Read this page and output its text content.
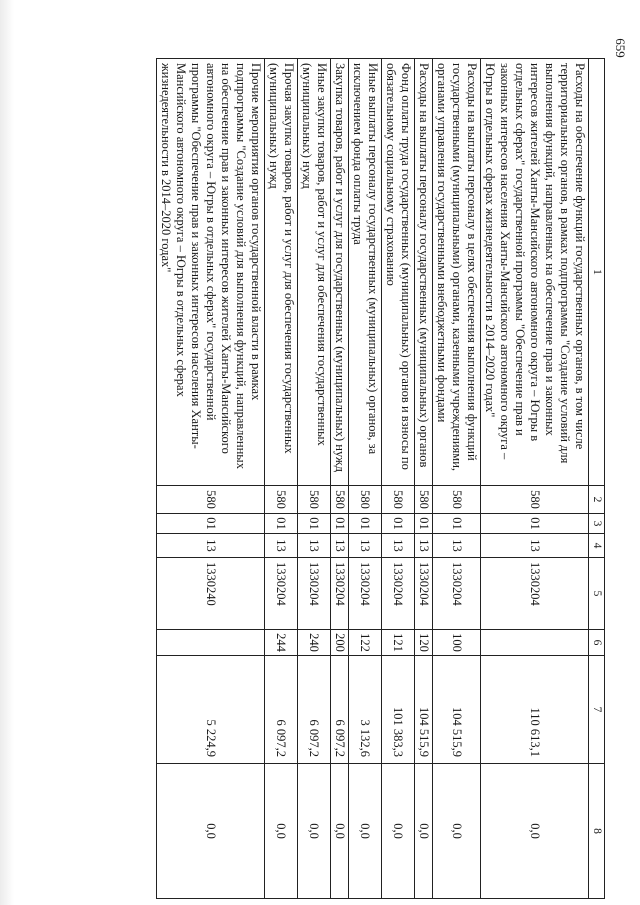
659
1	2	3	4	5	6	7	8
Расходы на обеспечение функций государственных органов, в том числе территориальных органов, в рамках подпрограммы "Создание условий для выполнения функций, направленных на обеспечение прав и законных интересов жителей Ханты-Мансийского автономного округа – Югры в отдельных сферах" государственной программы "Обеспечение прав и законных интересов населения Ханты-Мансийского автономного округа – Югры в отдельных сферах жизнедеятельности в 2014–2020 годах"	580	01	13	1330204		110 613,1	0,0
Расходы на выплаты персоналу в целях обеспечения выполнения функций государственными (муниципальными) органами, казенными учреждениями, органами управления государственными внебюджетными фондами	580	01	13	1330204	100	104 515,9	0,0
Расходы на выплаты персоналу государственных (муниципальных) органов	580	01	13	1330204	120	104 515,9	0,0
Фонд оплаты труда государственных (муниципальных) органов и взносы по обязательному социальному страхованию	580	01	13	1330204	121	101 383,3	0,0
Иные выплаты персоналу государственных (муниципальных) органов, за исключением фонда оплаты труда	580	01	13	1330204	122	3 132,6	0,0
Закупка товаров, работ и услуг для государственных (муниципальных) нужд	580	01	13	1330204	200	6 097,2	0,0
Иные закупки товаров, работ и услуг для обеспечения государственных (муниципальных) нужд	580	01	13	1330204	240	6 097,2	0,0
Прочая закупка товаров, работ и услуг для обеспечения государственных (муниципальных) нужд	580	01	13	1330204	244	6 097,2	0,0
Прочие мероприятия органов государственной власти в рамках подпрограммы "Создание условий для выполнения функций, направленных на обеспечение прав и законных интересов жителей Ханты-Мансийского автономного округа – Югры в отдельных сферах" государственной программы "Обеспечение прав и законных интересов населения Ханты-Мансийского автономного округа – Югры в отдельных сферах жизнедеятельности в 2014–2020 годах"	580	01	13	1330240		5 224,9	0,0
